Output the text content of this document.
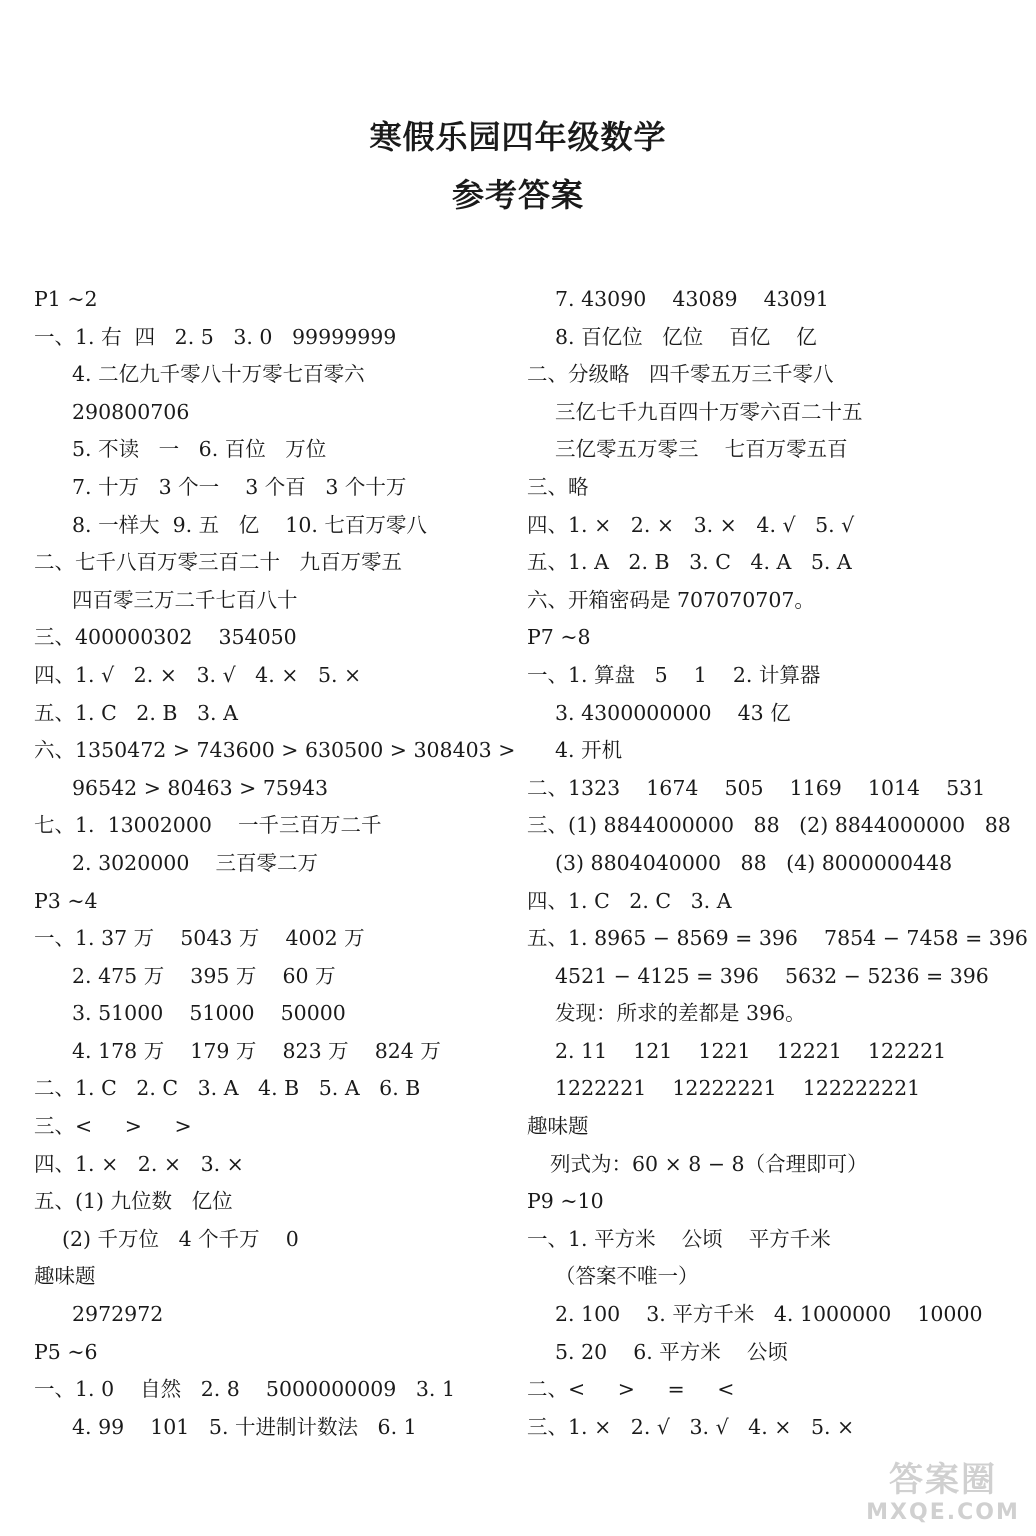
寒假乐园四年级数学
参考答案
P1 ~2
一、1. 右  四   2. 5   3. 0   99999999
4. 二亿九千零八十万零七百零六
290800706
5. 不读   一   6. 百位   万位
7. 十万   3 个一    3 个百   3 个十万
8. 一样大  9. 五   亿    10. 七百万零八
二、七千八百万零三百二十   九百万零五
四百零三万二千七百八十
三、400000302    354050
四、1. √   2. ×   3. √   4. ×   5. ×
五、1. C   2. B   3. A
六、1350472 > 743600 > 630500 > 308403 >
96542 > 80463 > 75943
七、1.  13002000    一千三百万二千
2. 3020000    三百零二万
P3 ~4
一、1. 37 万    5043 万    4002 万
2. 475 万    395 万    60 万
3. 51000    51000    50000
4. 178 万    179 万    823 万    824 万
二、1. C   2. C   3. A   4. B   5. A   6. B
三、<     >     >
四、1. ×   2. ×   3. ×
五、(1) 九位数   亿位
(2) 千万位   4 个千万    0
趣味题
2972972
P5 ~6
一、1. 0    自然   2. 8    5000000009   3. 1
4. 99    101   5. 十进制计数法   6. 1
7. 43090    43089    43091
8. 百亿位   亿位    百亿    亿
二、分级略   四千零五万三千零八
三亿七千九百四十万零六百二十五
三亿零五万零三    七百万零五百
三、略
四、1. ×   2. ×   3. ×   4. √   5. √
五、1. A   2. B   3. C   4. A   5. A
六、开箱密码是 707070707。
P7 ~8
一、1. 算盘   5    1    2. 计算器
3. 4300000000    43 亿
4. 开机
二、1323    1674    505    1169    1014    531
三、(1) 8844000000   88   (2) 8844000000   88
(3) 8804040000   88   (4) 8000000448
四、1. C   2. C   3. A
五、1. 8965 − 8569 = 396    7854 − 7458 = 396
4521 − 4125 = 396    5632 − 5236 = 396
发现：所求的差都是 396。
2. 11    121    1221    12221    122221
1222221    12222221    122222221
趣味题
列式为：60 × 8 − 8（合理即可）
P9 ~10
一、1. 平方米    公顷    平方千米
（答案不唯一）
2. 100    3. 平方千米   4. 1000000    10000
5. 20    6. 平方米    公顷
二、<     >     =     <
三、1. ×   2. √   3. √   4. ×   5. ×
答案圈
MXQE.COM
